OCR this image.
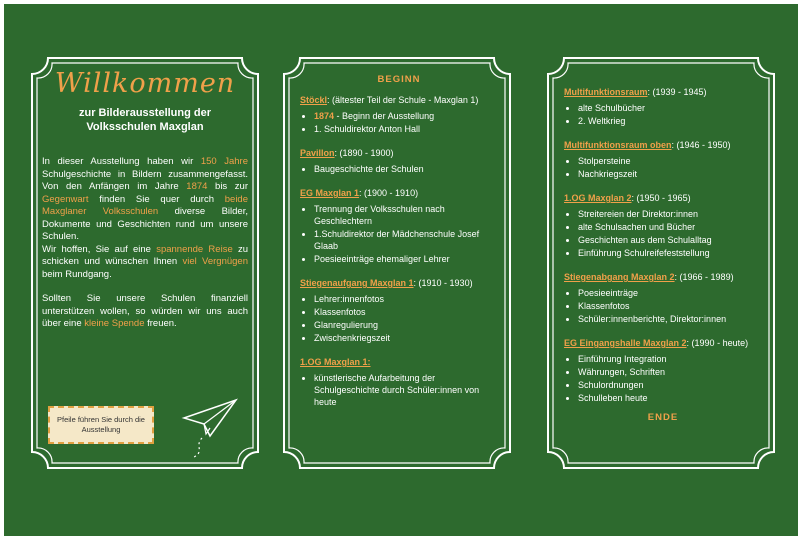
Willkommen
zur Bilderausstellung der
Volksschulen Maxglan

In dieser Ausstellung haben wir 150 Jahre Schulgeschichte in Bildern zusammengefasst. Von den Anfängen im Jahre 1874 bis zur Gegenwart finden Sie quer durch beide Maxglaner Volksschulen diverse Bilder, Dokumente und Geschichten rund um unsere Schulen.
Wir hoffen, Sie auf eine spannende Reise zu schicken und wünschen Ihnen viel Vergnügen beim Rundgang.

Sollten Sie unsere Schulen finanziell unterstützen wollen, so würden wir uns auch über eine kleine Spende freuen.

Pfeile führen Sie durch die Ausstellung
BEGINN
Stöckl: (ältester Teil der Schule - Maxglan 1)
• 1874 - Beginn der Ausstellung
• 1. Schuldirektor Anton Hall
Pavillon: (1890 - 1900)
• Baugeschichte der Schulen
EG Maxglan 1: (1900 - 1910)
• Trennung der Volksschulen nach Geschlechtern
• 1.Schuldirektor der Mädchenschule Josef Glaab
• Poesieeinträge ehemaliger Lehrer
Stiegenaufgang Maxglan 1: (1910 - 1930)
• Lehrer:innenfotos
• Klassenfotos
• Glanregulierung
• Zwischenkriegszeit
1.OG Maxglan 1:
• künstlerische Aufarbeitung der Schulgeschichte durch Schüler:innen von heute
Multifunktionsraum: (1939 - 1945)
• alte Schulbücher
• 2. Weltkrieg
Multifunktionsraum oben: (1946 - 1950)
• Stolpersteine
• Nachkriegszeit
1.OG Maxglan 2: (1950 - 1965)
• Streitereien der Direktor:innen
• alte Schulsachen und Bücher
• Geschichten aus dem Schulalltag
• Einführung Schulreifefeststellung
Stiegenabgang Maxglan 2: (1966 - 1989)
• Poesieeinträge
• Klassenfotos
• Schüler:innenberichte, Direktor:innen
EG Eingangshalle Maxglan 2: (1990 - heute)
• Einführung Integration
• Währungen, Schriften
• Schulordnungen
• Schulleben heute
ENDE
